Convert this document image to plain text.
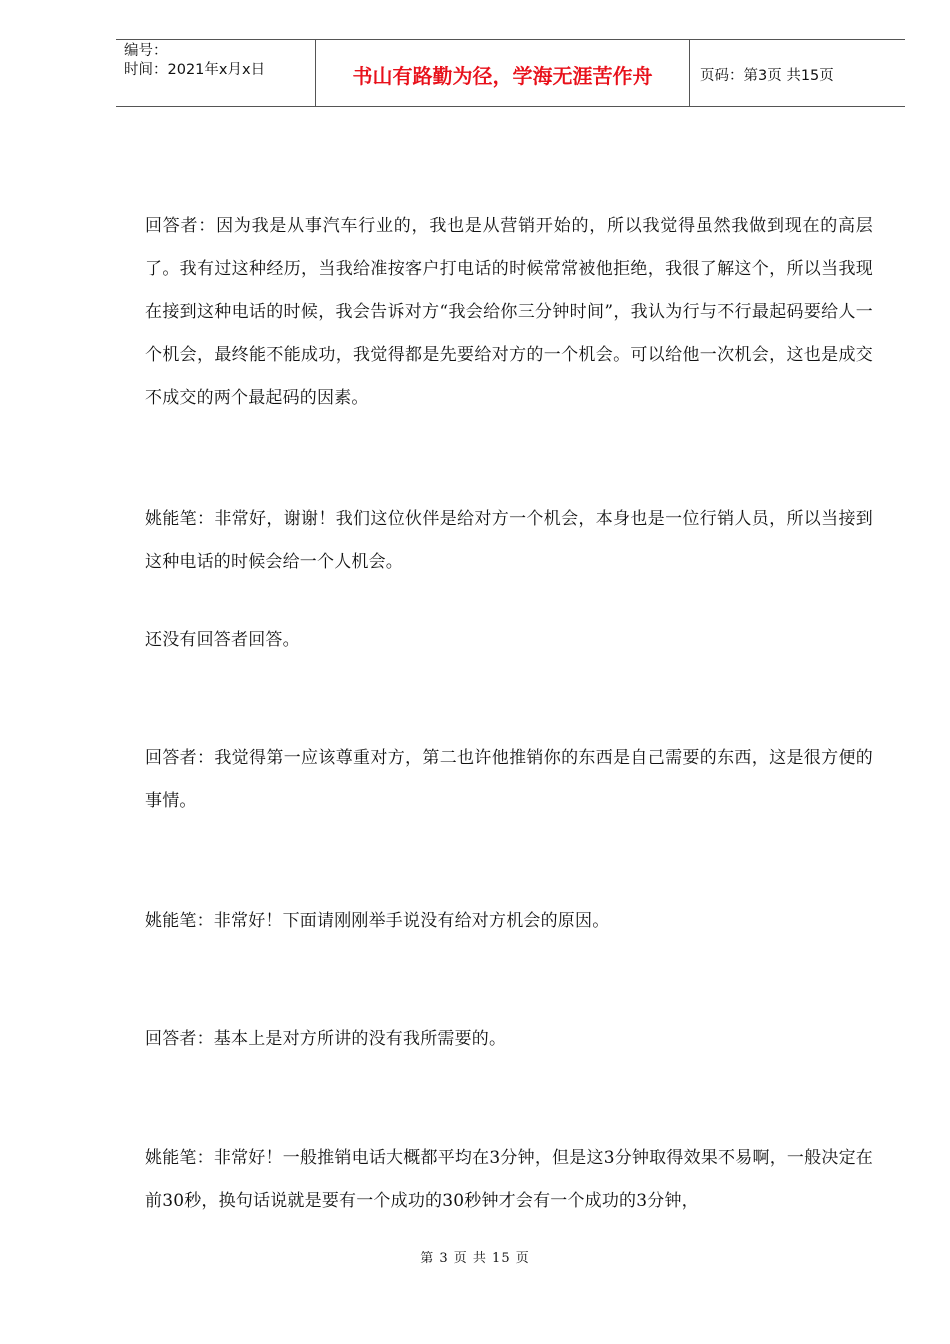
编号：
时间：2021年x月x日	书山有路勤为径，学海无涯苦作舟	页码：第3页 共15页

回答者：因为我是从事汽车行业的，我也是从营销开始的，所以我觉得虽然我做到现在的高层了。我有过这种经历，当我给准按客户打电话的时候常常被他拒绝，我很了解这个，所以当我现在接到这种电话的时候，我会告诉对方“我会给你三分钟时间”，我认为行与不行最起码要给人一个机会，最终能不能成功，我觉得都是先要给对方的一个机会。可以给他一次机会，这也是成交不成交的两个最起码的因素。

姚能笔：非常好，谢谢！我们这位伙伴是给对方一个机会，本身也是一位行销人员，所以当接到这种电话的时候会给一个人机会。

还没有回答者回答。

回答者：我觉得第一应该尊重对方，第二也许他推销你的东西是自己需要的东西，这是很方便的事情。

姚能笔：非常好！下面请刚刚举手说没有给对方机会的原因。

回答者：基本上是对方所讲的没有我所需要的。

姚能笔：非常好！一般推销电话大概都平均在3分钟，但是这3分钟取得效果不易啊，一般决定在前30秒，换句话说就是要有一个成功的30秒钟才会有一个成功的3分钟，

第 3 页 共 15 页
